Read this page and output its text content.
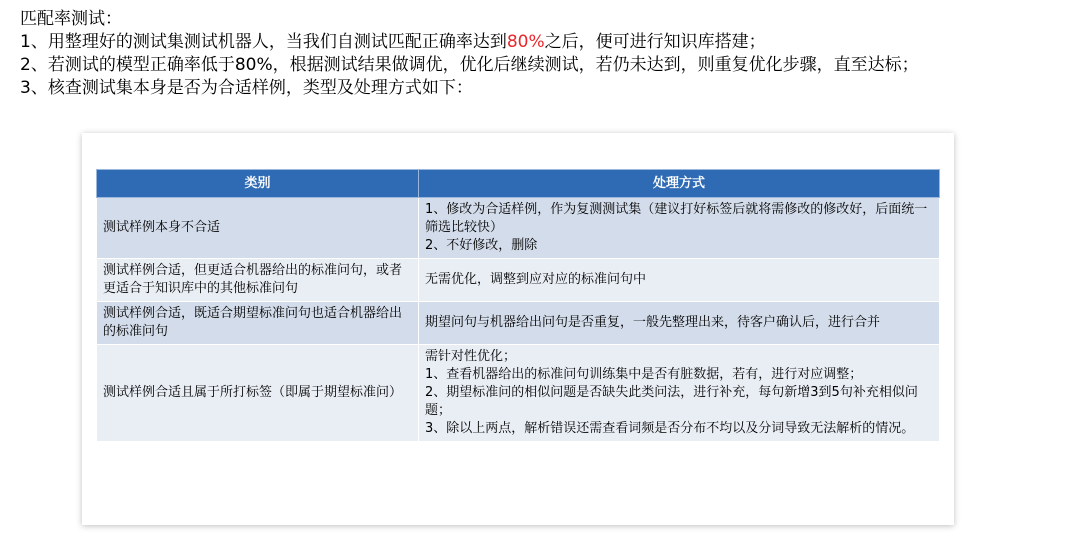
匹配率测试：

1、用整理好的测试集测试机器人，当我们自测试匹配正确率达到80%之后，便可进行知识库搭建；

2、若测试的模型正确率低于80%，根据测试结果做调优，优化后继续测试，若仍未达到，则重复优化步骤，直至达标；

3、核查测试集本身是否为合适样例，类型及处理方式如下：

类别	处理方式
测试样例本身不合适	1、修改为合适样例，作为复测测试集（建议打好标签后就将需修改的修改好，后面统一筛选比较快）
2、不好修改，删除

测试样例合适，但更适合机器给出的标准问句，或者更适合于知识库中的其他标准问句	无需优化，调整到应对应的标准问句中

测试样例合适，既适合期望标准问句也适合机器给出的标准问句	期望问句与机器给出问句是否重复，一般先整理出来，待客户确认后，进行合并

测试样例合适且属于所打标签（即属于期望标准问）	需针对性优化；
1、查看机器给出的标准问句训练集中是否有脏数据，若有，进行对应调整；
2、期望标准问的相似问题是否缺失此类问法，进行补充，每句新增3到5句补充相似问题；
3、除以上两点，解析错误还需查看词频是否分布不均以及分词导致无法解析的情况。
